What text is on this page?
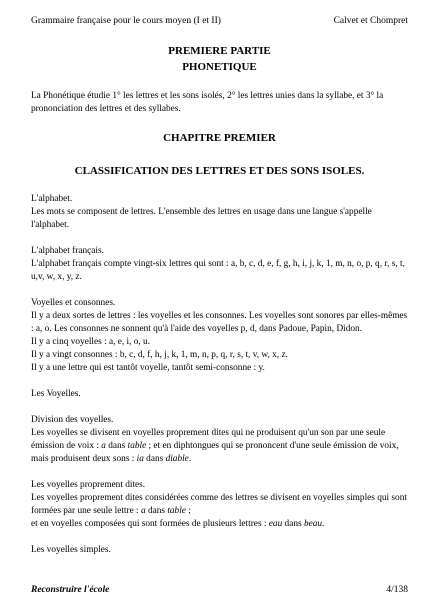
Grammaire française pour le cours moyen (I et II)	Calvet et Chompret
PREMIERE PARTIE
PHONETIQUE
La Phonétique étudie 1° les lettres et les sons isolés, 2° les lettres unies dans la syllabe, et 3° la prononciation des lettres et des syllabes.
CHAPITRE PREMIER
CLASSIFICATION DES LETTRES ET DES SONS ISOLES.

L'alphabet.

Les mots se composent de lettres. L'ensemble des lettres en usage dans une langue s'appelle l'alphabet.

L'alphabet français.

L'alphabet français compte vingt-six lettres qui sont : a, b, c, d, e, f, g, h, i, j, k, 1, m, n, o, p, q, r, s, t, u,v, w, x, y, z.

Voyelles et consonnes.

Il y a deux sortes de lettres : les voyelles et les consonnes. Les voyelles sont sonores par elles-mêmes : a, o. Les consonnes ne sonnent qu'à l'aide des voyelles p, d, dans Padoue, Papin, Didon.

Il y a cinq voyelles : a, e, i, o, u.

Il y a vingt consonnes : b, c, d, f, h, j, k, 1, m, n, p, q, r, s, t, v, w, x, z.

Il y a une lettre qui est tantôt voyelle, tantôt semi-consonne : y.

Les Voyelles.

Division des voyelles.

Les voyelles se divisent en voyelles proprement dites qui ne produisent qu'un son par une seule émission de voix : a dans table ; et en diphtongues qui se prononcent d'une seule émission de voix, mais produisent deux sons : ia dans diable.

Les voyelles proprement dites.

Les voyelles proprement dites considérées comme des lettres se divisent en voyelles simples qui sont formées par une seule lettre : a dans table ;

et en voyelles composées qui sont formées de plusieurs lettres : eau dans beau.

Les voyelles simples.

Reconstruire l'école	4/138
